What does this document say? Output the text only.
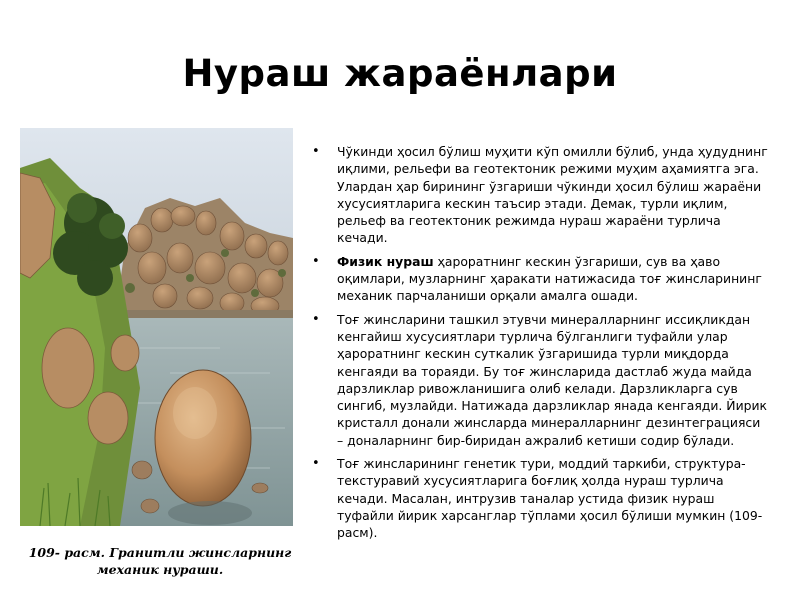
Нураш жараёнлари
109- расм. Гранитли жинсларнинг
механик нураши.
• Чўкинди ҳосил бўлиш муҳити кўп омилли бўлиб, унда ҳудуднинг иқлими, рельефи ва геотектоник режими муҳим аҳамиятга эга. Улардан ҳар бирининг ўзгариши чўкинди ҳосил бўлиш жараёни хусусиятларига кескин таъсир этади. Демак, турли иқлим, рельеф ва геотектоник режимда нураш жараёни турлича кечади.
• Физик нураш ҳароратнинг кескин ўзгариши, сув ва ҳаво оқимлари, музларнинг ҳаракати натижасида тоғ жинсларининг механик парчаланиши орқали амалга ошади.
• Тоғ жинсларини ташкил этувчи минералларнинг иссиқликдан кенгайиш хусусиятлари турлича бўлганлиги туфайли улар ҳароратнинг кескин суткалик ўзгаришида турли миқдорда кенгаяди ва тораяди. Бу тоғ жинсларида дастлаб жуда майда дарзликлар ривожланишига олиб келади. Дарзликларга сув сингиб, музлайди. Натижада дарзликлар янада кенгаяди. Йирик кристалл донали жинсларда минералларнинг дезинтеграцияси – доналарнинг бир-биридан ажралиб кетиши содир бўлади.
• Тоғ жинсларининг генетик тури, моддий таркиби, структура-текстуравий хусусиятларига боғлиқ ҳолда нураш турлича кечади. Масалан, интрузив таналар устида физик нураш туфайли йирик харсанглар тўплами ҳосил бўлиши мумкин (109-расм).
